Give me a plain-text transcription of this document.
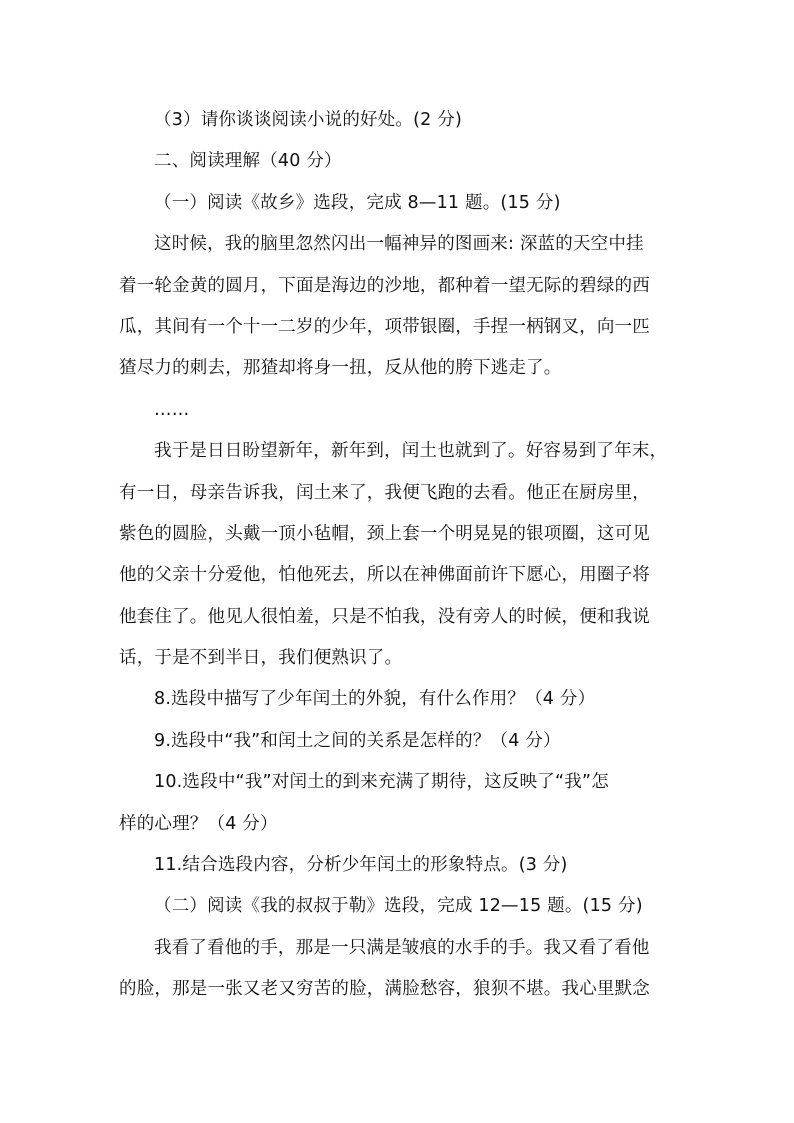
（3）请你谈谈阅读小说的好处。(2 分)
二、阅读理解（40 分）
（一）阅读《故乡》选段，完成 8—11 题。(15 分)
这时候，我的脑里忽然闪出一幅神异的图画来: 深蓝的天空中挂
着一轮金黄的圆月，下面是海边的沙地，都种着一望无际的碧绿的西
瓜，其间有一个十一二岁的少年，项带银圈，手捏一柄钢叉，向一匹
猹尽力的刺去，那猹却将身一扭，反从他的胯下逃走了。
……
我于是日日盼望新年，新年到，闰土也就到了。好容易到了年末，
有一日，母亲告诉我，闰土来了，我便飞跑的去看。他正在厨房里，
紫色的圆脸，头戴一顶小毡帽，颈上套一个明晃晃的银项圈，这可见
他的父亲十分爱他，怕他死去，所以在神佛面前许下愿心，用圈子将
他套住了。他见人很怕羞，只是不怕我，没有旁人的时候，便和我说
话，于是不到半日，我们便熟识了。
8.选段中描写了少年闰土的外貌，有什么作用？（4 分）
9.选段中“我”和闰土之间的关系是怎样的？（4 分）
10.选段中“我”对闰土的到来充满了期待，这反映了“我”怎
样的心理？（4 分）
11.结合选段内容，分析少年闰土的形象特点。(3 分)
（二）阅读《我的叔叔于勒》选段，完成 12—15 题。(15 分)
我看了看他的手，那是一只满是皱痕的水手的手。我又看了看他
的脸，那是一张又老又穷苦的脸，满脸愁容，狼狈不堪。我心里默念
